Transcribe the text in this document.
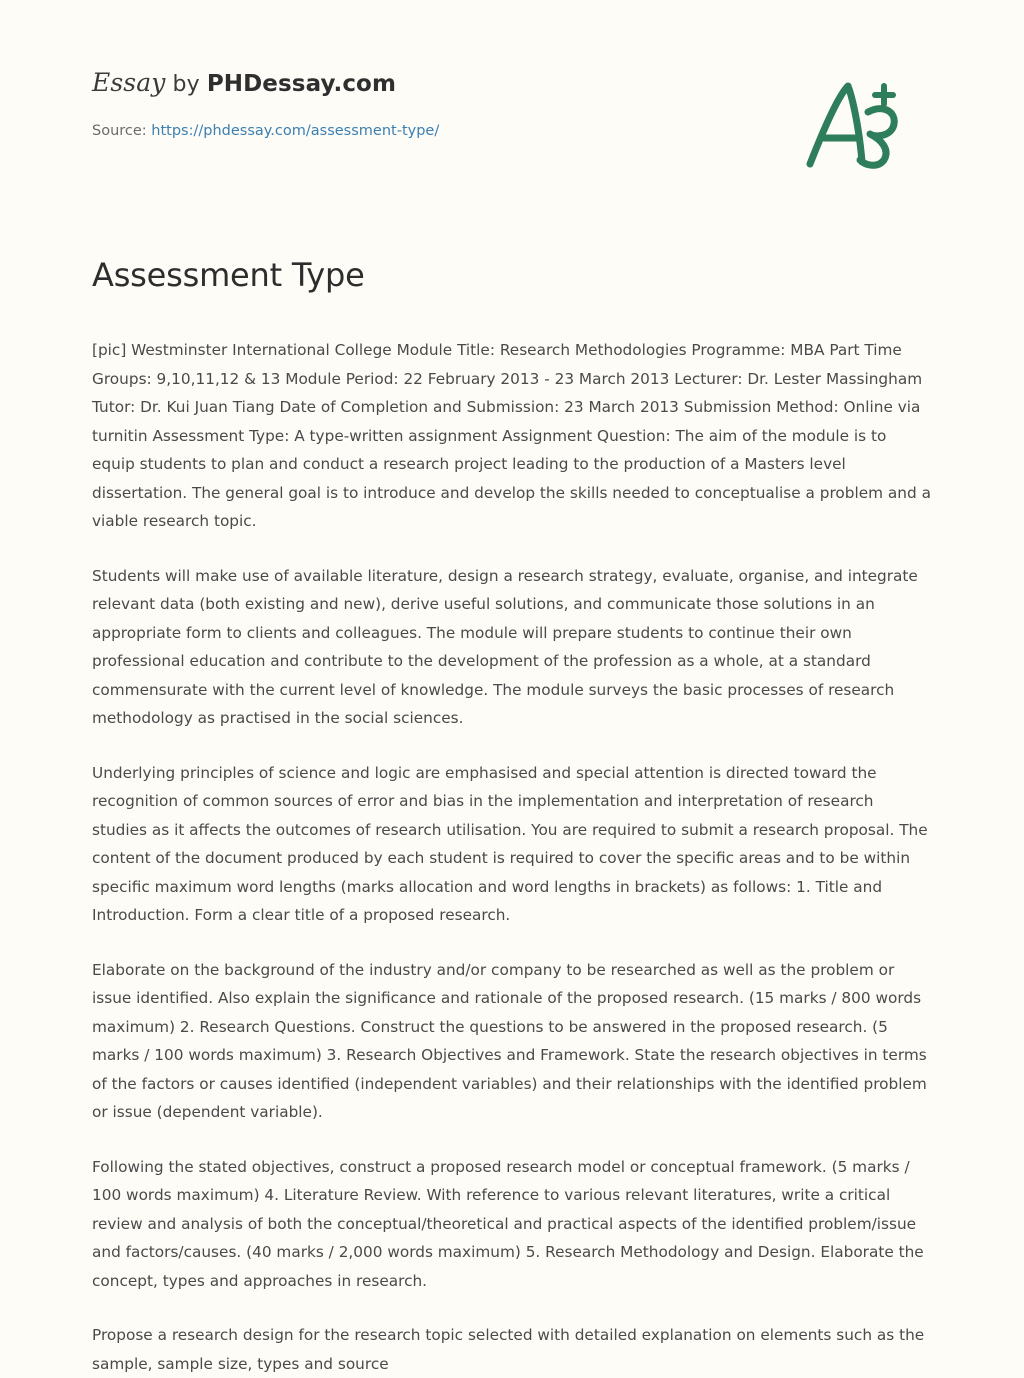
Essay by PHDessay.com

Source: https://phdessay.com/assessment-type/
Assessment Type

[pic] Westminster International College Module Title: Research Methodologies Programme: MBA Part Time Groups: 9,10,11,12 & 13 Module Period: 22 February 2013 - 23 March 2013 Lecturer: Dr. Lester Massingham Tutor: Dr. Kui Juan Tiang Date of Completion and Submission: 23 March 2013 Submission Method: Online via turnitin Assessment Type: A type-written assignment Assignment Question: The aim of the module is to equip students to plan and conduct a research project leading to the production of a Masters level dissertation. The general goal is to introduce and develop the skills needed to conceptualise a problem and a viable research topic.

Students will make use of available literature, design a research strategy, evaluate, organise, and integrate relevant data (both existing and new), derive useful solutions, and communicate those solutions in an appropriate form to clients and colleagues. The module will prepare students to continue their own professional education and contribute to the development of the profession as a whole, at a standard commensurate with the current level of knowledge. The module surveys the basic processes of research methodology as practised in the social sciences.

Underlying principles of science and logic are emphasised and special attention is directed toward the recognition of common sources of error and bias in the implementation and interpretation of research studies as it affects the outcomes of research utilisation. You are required to submit a research proposal. The content of the document produced by each student is required to cover the specific areas and to be within specific maximum word lengths (marks allocation and word lengths in brackets) as follows: 1. Title and Introduction. Form a clear title of a proposed research.

Elaborate on the background of the industry and/or company to be researched as well as the problem or issue identified. Also explain the significance and rationale of the proposed research. (15 marks / 800 words maximum) 2. Research Questions. Construct the questions to be answered in the proposed research. (5 marks / 100 words maximum) 3. Research Objectives and Framework. State the research objectives in terms of the factors or causes identified (independent variables) and their relationships with the identified problem or issue (dependent variable).

Following the stated objectives, construct a proposed research model or conceptual framework. (5 marks / 100 words maximum) 4. Literature Review. With reference to various relevant literatures, write a critical review and analysis of both the conceptual/theoretical and practical aspects of the identified problem/issue and factors/causes. (40 marks / 2,000 words maximum) 5. Research Methodology and Design. Elaborate the concept, types and approaches in research.

Propose a research design for the research topic selected with detailed explanation on elements such as the sample, sample size, types and source
